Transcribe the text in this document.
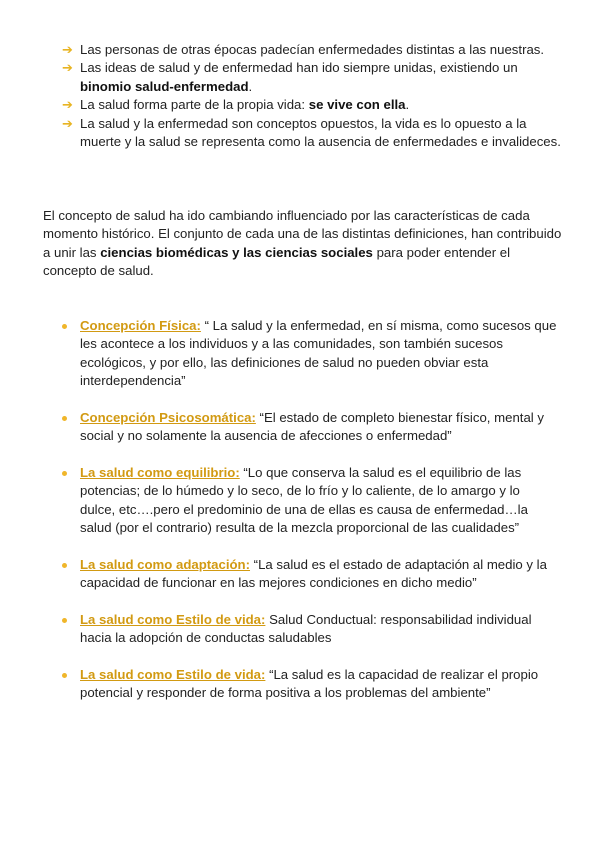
➔ Las personas de otras épocas padecían enfermedades distintas a las nuestras.
➔ Las ideas de salud y de enfermedad han ido siempre unidas, existiendo un binomio salud-enfermedad.
➔ La salud forma parte de la propia vida: se vive con ella.
➔ La salud y la enfermedad son conceptos opuestos, la vida es lo opuesto a la muerte y la salud se representa como la ausencia de enfermedades e invalideces.

El concepto de salud ha ido cambiando influenciado por las características de cada momento histórico. El conjunto de cada una de las distintas definiciones, han contribuido a unir las ciencias biomédicas y las ciencias sociales para poder entender el concepto de salud.

Concepción Física: “ La salud y la enfermedad, en sí misma, como sucesos que les acontece a los individuos y a las comunidades, son también sucesos ecológicos, y por ello, las definiciones de salud no pueden obviar esta interdependencia”
Concepción Psicosomática: “El estado de completo bienestar físico, mental y social y no solamente la ausencia de afecciones o enfermedad”
La salud como equilibrio: “Lo que conserva la salud es el equilibrio de las potencias; de lo húmedo y lo seco, de lo frío y lo caliente, de lo amargo y lo dulce, etc….pero el predominio de una de ellas es causa de enfermedad…la salud (por el contrario) resulta de la mezcla proporcional de las cualidades”
La salud como adaptación: “La salud es el estado de adaptación al medio y la capacidad de funcionar en las mejores condiciones en dicho medio”
La salud como Estilo de vida: Salud Conductual: responsabilidad individual hacia la adopción de conductas saludables
La salud como Estilo de vida: “La salud es la capacidad de realizar el propio potencial y responder de forma positiva a los problemas del ambiente”
